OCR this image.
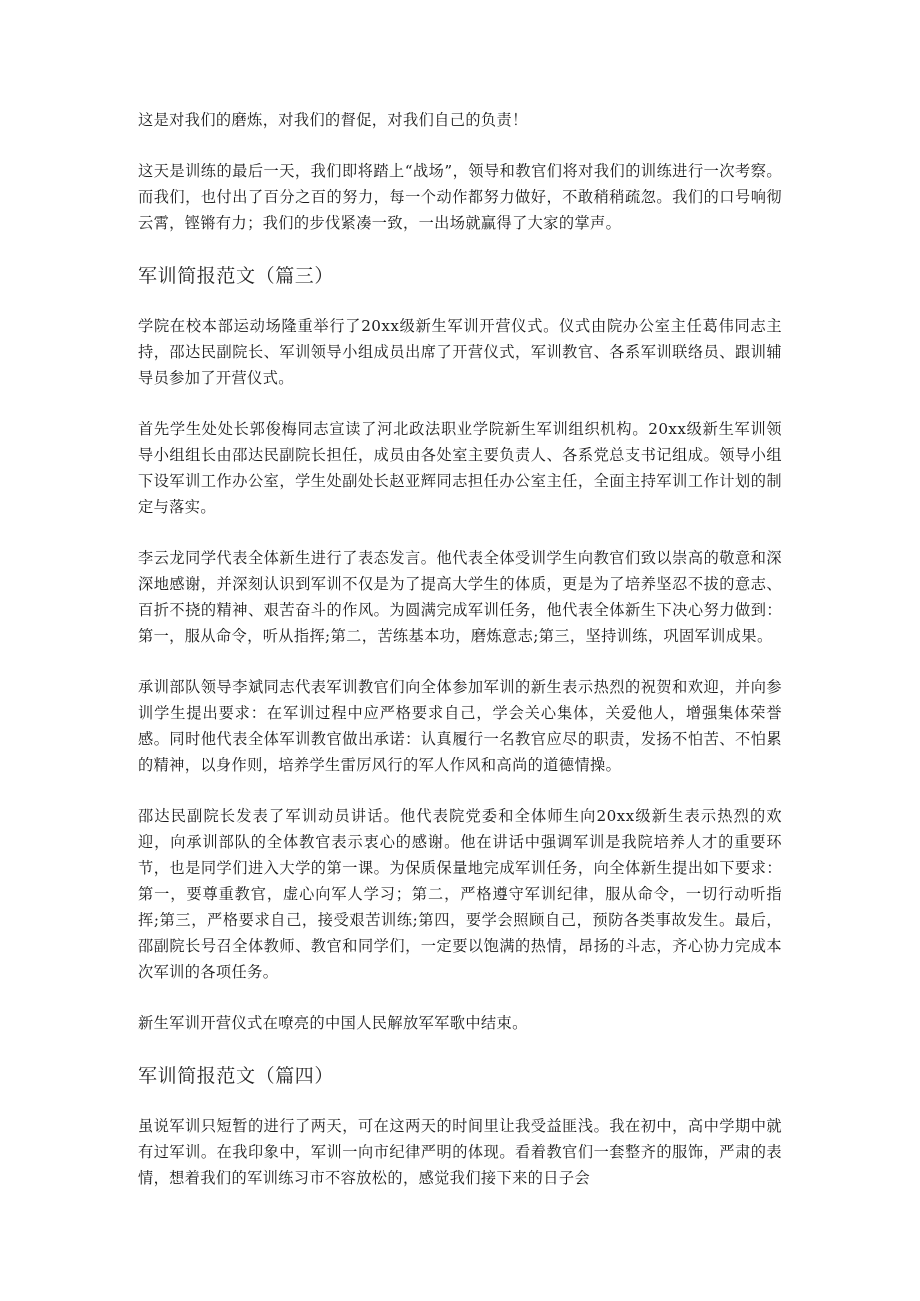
这是对我们的磨炼，对我们的督促，对我们自己的负责！

这天是训练的最后一天，我们即将踏上“战场”，领导和教官们将对我们的训练进行一次考察。而我们，也付出了百分之百的努力，每一个动作都努力做好，不敢稍稍疏忽。我们的口号响彻云霄，铿锵有力；我们的步伐紧凑一致，一出场就赢得了大家的掌声。

军训简报范文（篇三）

学院在校本部运动场隆重举行了20xx级新生军训开营仪式。仪式由院办公室主任葛伟同志主持，邵达民副院长、军训领导小组成员出席了开营仪式，军训教官、各系军训联络员、跟训辅导员参加了开营仪式。

首先学生处处长郭俊梅同志宣读了河北政法职业学院新生军训组织机构。20xx级新生军训领导小组组长由邵达民副院长担任，成员由各处室主要负责人、各系党总支书记组成。领导小组下设军训工作办公室，学生处副处长赵亚辉同志担任办公室主任，全面主持军训工作计划的制定与落实。

李云龙同学代表全体新生进行了表态发言。他代表全体受训学生向教官们致以崇高的敬意和深深地感谢，并深刻认识到军训不仅是为了提高大学生的体质，更是为了培养坚忍不拔的意志、百折不挠的精神、艰苦奋斗的作风。为圆满完成军训任务，他代表全体新生下决心努力做到：第一，服从命令，听从指挥;第二，苦练基本功，磨炼意志;第三，坚持训练，巩固军训成果。

承训部队领导李斌同志代表军训教官们向全体参加军训的新生表示热烈的祝贺和欢迎，并向参训学生提出要求：在军训过程中应严格要求自己，学会关心集体，关爱他人，增强集体荣誉感。同时他代表全体军训教官做出承诺：认真履行一名教官应尽的职责，发扬不怕苦、不怕累的精神，以身作则，培养学生雷厉风行的军人作风和高尚的道德情操。

邵达民副院长发表了军训动员讲话。他代表院党委和全体师生向20xx级新生表示热烈的欢迎，向承训部队的全体教官表示衷心的感谢。他在讲话中强调军训是我院培养人才的重要环节，也是同学们进入大学的第一课。为保质保量地完成军训任务，向全体新生提出如下要求：第一，要尊重教官，虚心向军人学习；第二，严格遵守军训纪律，服从命令，一切行动听指挥;第三，严格要求自己，接受艰苦训练;第四，要学会照顾自己，预防各类事故发生。最后，邵副院长号召全体教师、教官和同学们，一定要以饱满的热情，昂扬的斗志，齐心协力完成本次军训的各项任务。

新生军训开营仪式在嘹亮的中国人民解放军军歌中结束。

军训简报范文（篇四）

虽说军训只短暂的进行了两天，可在这两天的时间里让我受益匪浅。我在初中，高中学期中就有过军训。在我印象中，军训一向市纪律严明的体现。看着教官们一套整齐的服饰，严肃的表情，想着我们的军训练习市不容放松的，感觉我们接下来的日子会
